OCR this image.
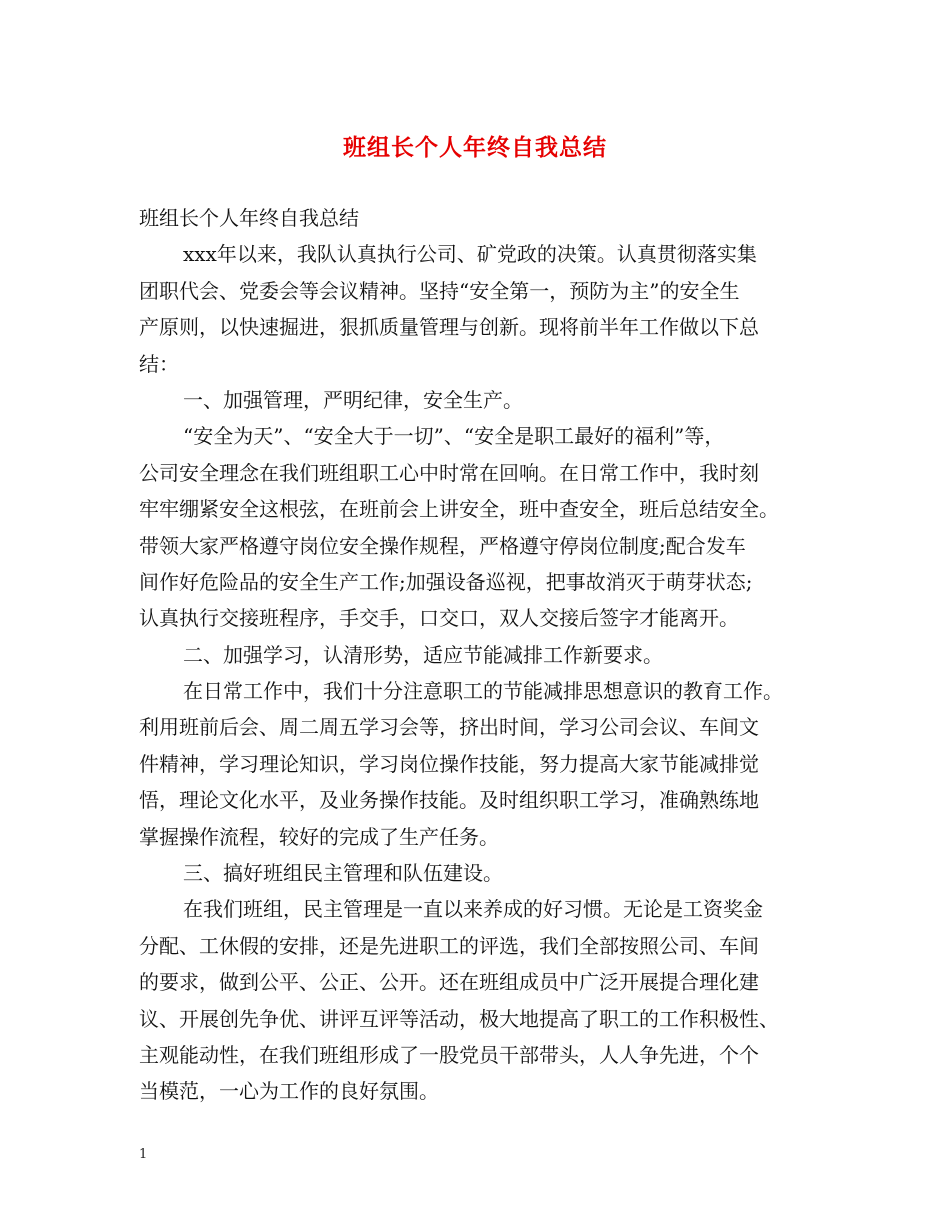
班组长个人年终自我总结
班组长个人年终自我总结
xxx年以来，我队认真执行公司、矿党政的决策。认真贯彻落实集
团职代会、党委会等会议精神。坚持“安全第一，预防为主”的安全生
产原则，以快速掘进，狠抓质量管理与创新。现将前半年工作做以下总
结：
一、加强管理，严明纪律，安全生产。
“安全为天”、“安全大于一切”、“安全是职工最好的福利”等，
公司安全理念在我们班组职工心中时常在回响。在日常工作中，我时刻
牢牢绷紧安全这根弦，在班前会上讲安全，班中查安全，班后总结安全。
带领大家严格遵守岗位安全操作规程，严格遵守停岗位制度;配合发车
间作好危险品的安全生产工作;加强设备巡视，把事故消灭于萌芽状态;
认真执行交接班程序，手交手，口交口，双人交接后签字才能离开。
二、加强学习，认清形势，适应节能减排工作新要求。
在日常工作中，我们十分注意职工的节能减排思想意识的教育工作。
利用班前后会、周二周五学习会等，挤出时间，学习公司会议、车间文
件精神，学习理论知识，学习岗位操作技能，努力提高大家节能减排觉
悟，理论文化水平，及业务操作技能。及时组织职工学习，准确熟练地
掌握操作流程，较好的完成了生产任务。
三、搞好班组民主管理和队伍建设。
在我们班组，民主管理是一直以来养成的好习惯。无论是工资奖金
分配、工休假的安排，还是先进职工的评选，我们全部按照公司、车间
的要求，做到公平、公正、公开。还在班组成员中广泛开展提合理化建
议、开展创先争优、讲评互评等活动，极大地提高了职工的工作积极性、
主观能动性，在我们班组形成了一股党员干部带头，人人争先进，个个
当模范，一心为工作的良好氛围。
1
